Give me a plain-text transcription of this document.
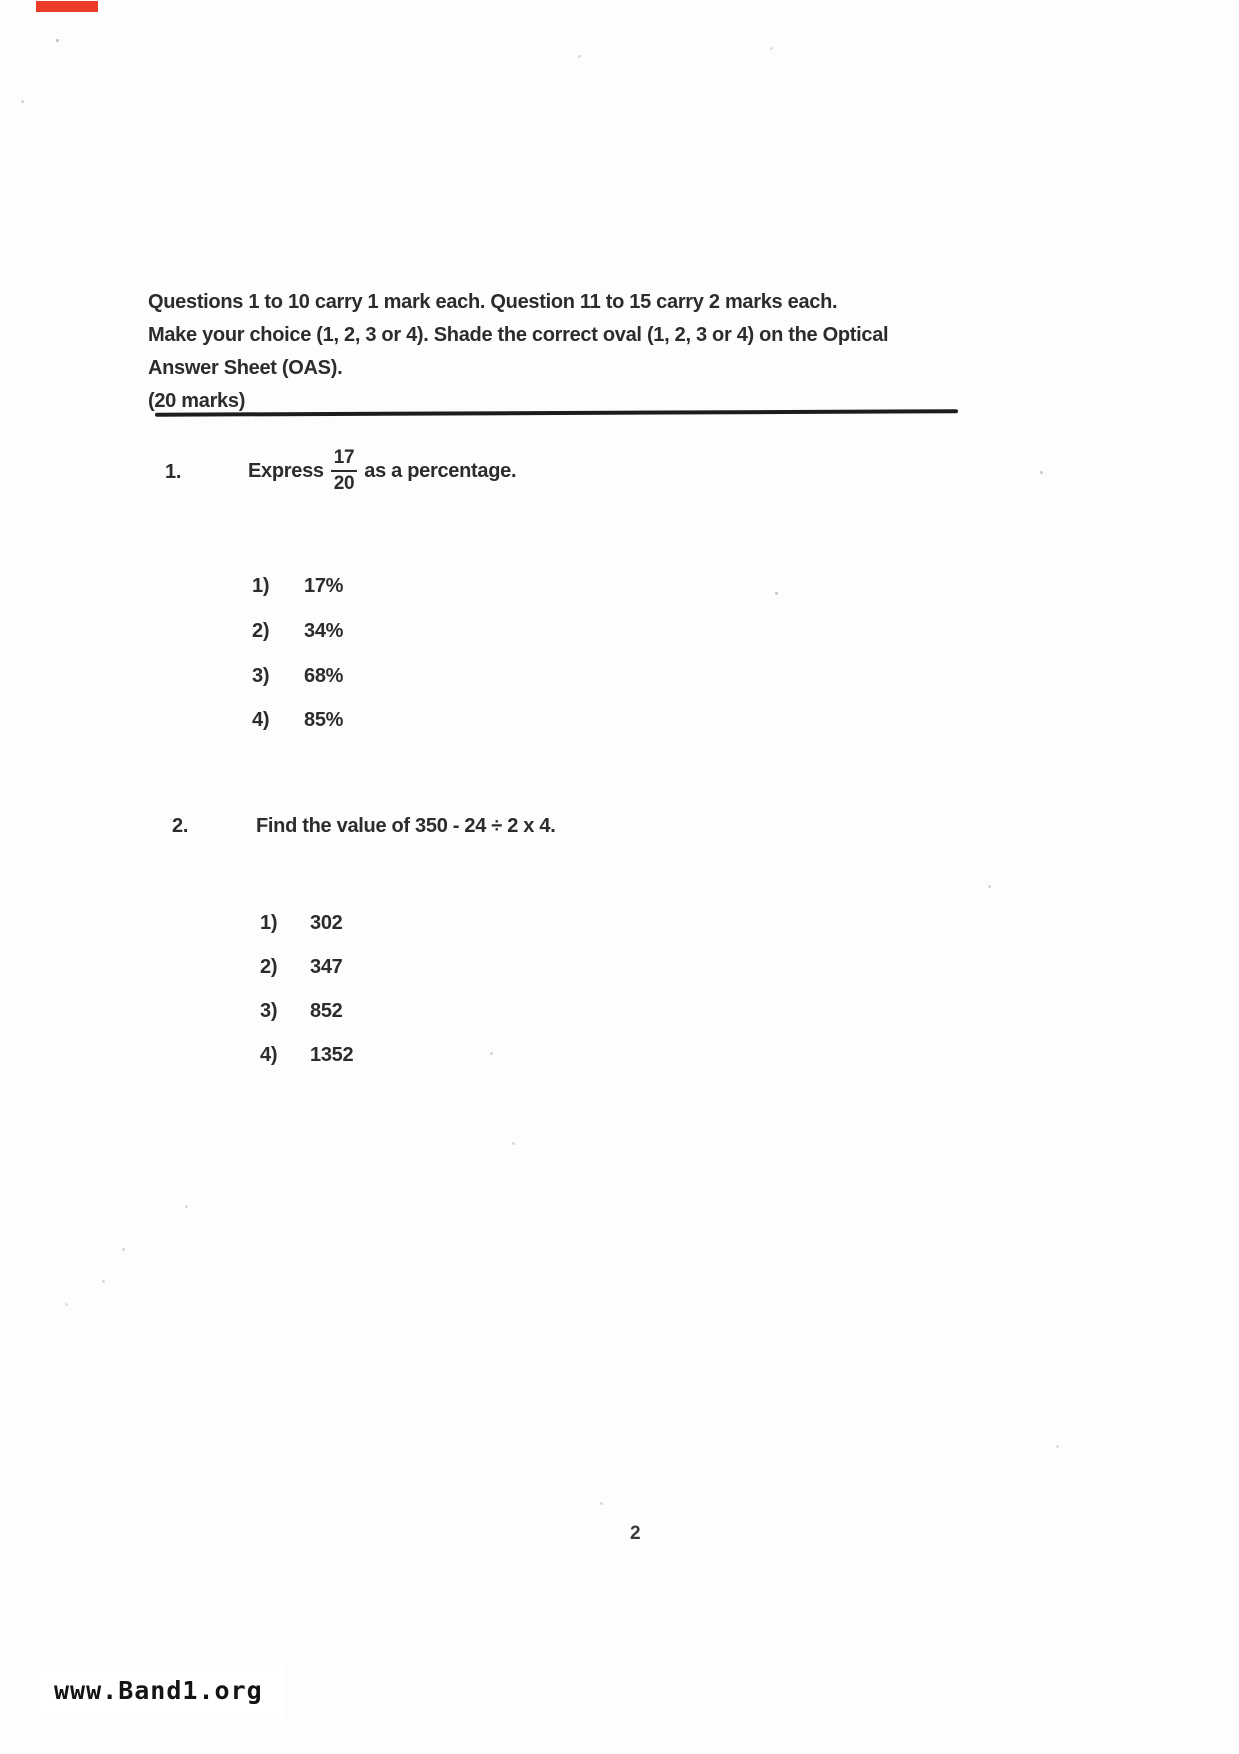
Questions 1 to 10 carry 1 mark each. Question 11 to 15 carry 2 marks each.
Make your choice (1, 2, 3 or 4). Shade the correct oval (1, 2, 3 or 4) on the Optical
Answer Sheet (OAS).
(20 marks)
1.	Express $\frac{17}{20}$ as a percentage.
1) 17%
2) 34%
3) 68%
4) 85%
2.	Find the value of 350 - 24 ÷ 2 x 4.
1) 302
2) 347
3) 852
4) 1352
2
www.Band1.org
